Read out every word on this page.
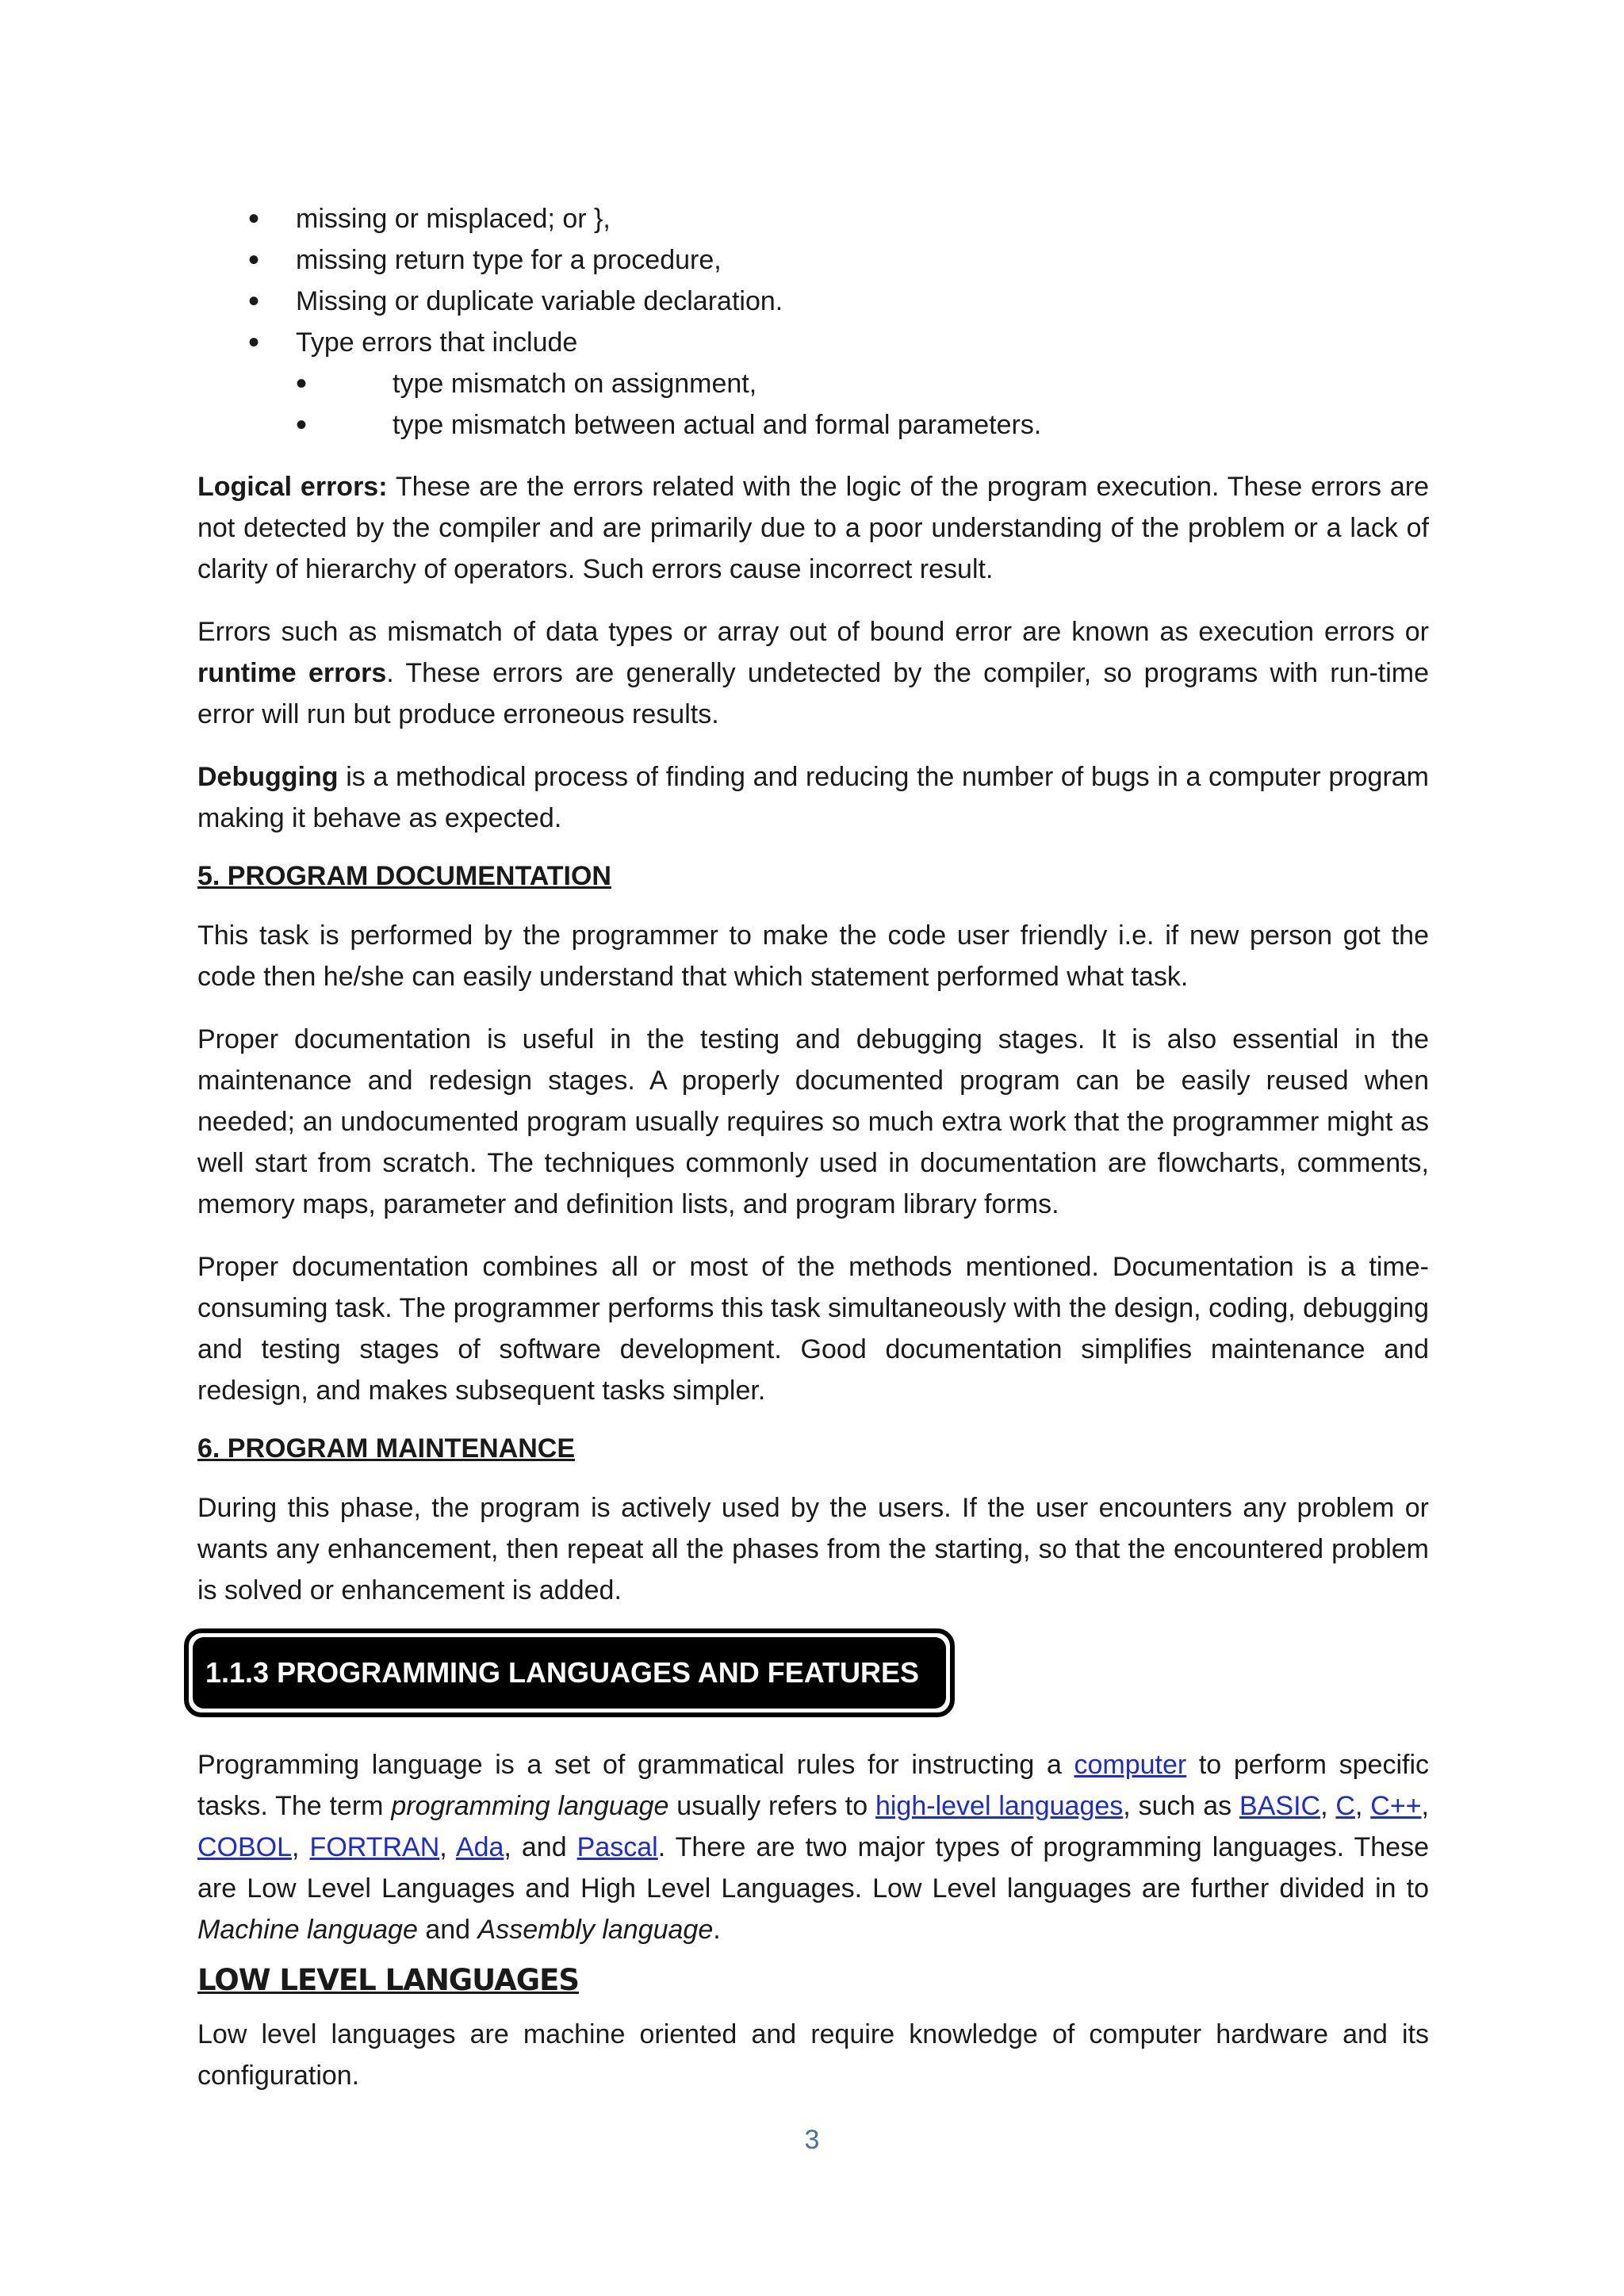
• missing or misplaced; or },
• missing return type for a procedure,
• Missing or duplicate variable declaration.
• Type errors that include
• type mismatch on assignment,
• type mismatch between actual and formal parameters.

Logical errors: These are the errors related with the logic of the program execution. These errors are not detected by the compiler and are primarily due to a poor understanding of the problem or a lack of clarity of hierarchy of operators. Such errors cause incorrect result.

Errors such as mismatch of data types or array out of bound error are known as execution errors or runtime errors. These errors are generally undetected by the compiler, so programs with run-time error will run but produce erroneous results.

Debugging is a methodical process of finding and reducing the number of bugs in a computer program making it behave as expected.

5. PROGRAM DOCUMENTATION

This task is performed by the programmer to make the code user friendly i.e. if new person got the code then he/she can easily understand that which statement performed what task.

Proper documentation is useful in the testing and debugging stages. It is also essential in the maintenance and redesign stages. A properly documented program can be easily reused when needed; an undocumented program usually requires so much extra work that the programmer might as well start from scratch. The techniques commonly used in documentation are flowcharts, comments, memory maps, parameter and definition lists, and program library forms.

Proper documentation combines all or most of the methods mentioned. Documentation is a time-consuming task. The programmer performs this task simultaneously with the design, coding, debugging and testing stages of software development. Good documentation simplifies maintenance and redesign, and makes subsequent tasks simpler.

6. PROGRAM MAINTENANCE

During this phase, the program is actively used by the users. If the user encounters any problem or wants any enhancement, then repeat all the phases from the starting, so that the encountered problem is solved or enhancement is added.

1.1.3 PROGRAMMING LANGUAGES AND FEATURES

Programming language is a set of grammatical rules for instructing a computer to perform specific tasks. The term programming language usually refers to high-level languages, such as BASIC, C, C++, COBOL, FORTRAN, Ada, and Pascal. There are two major types of programming languages. These are Low Level Languages and High Level Languages. Low Level languages are further divided in to Machine language and Assembly language.

LOW LEVEL LANGUAGES

Low level languages are machine oriented and require knowledge of computer hardware and its configuration.

3
